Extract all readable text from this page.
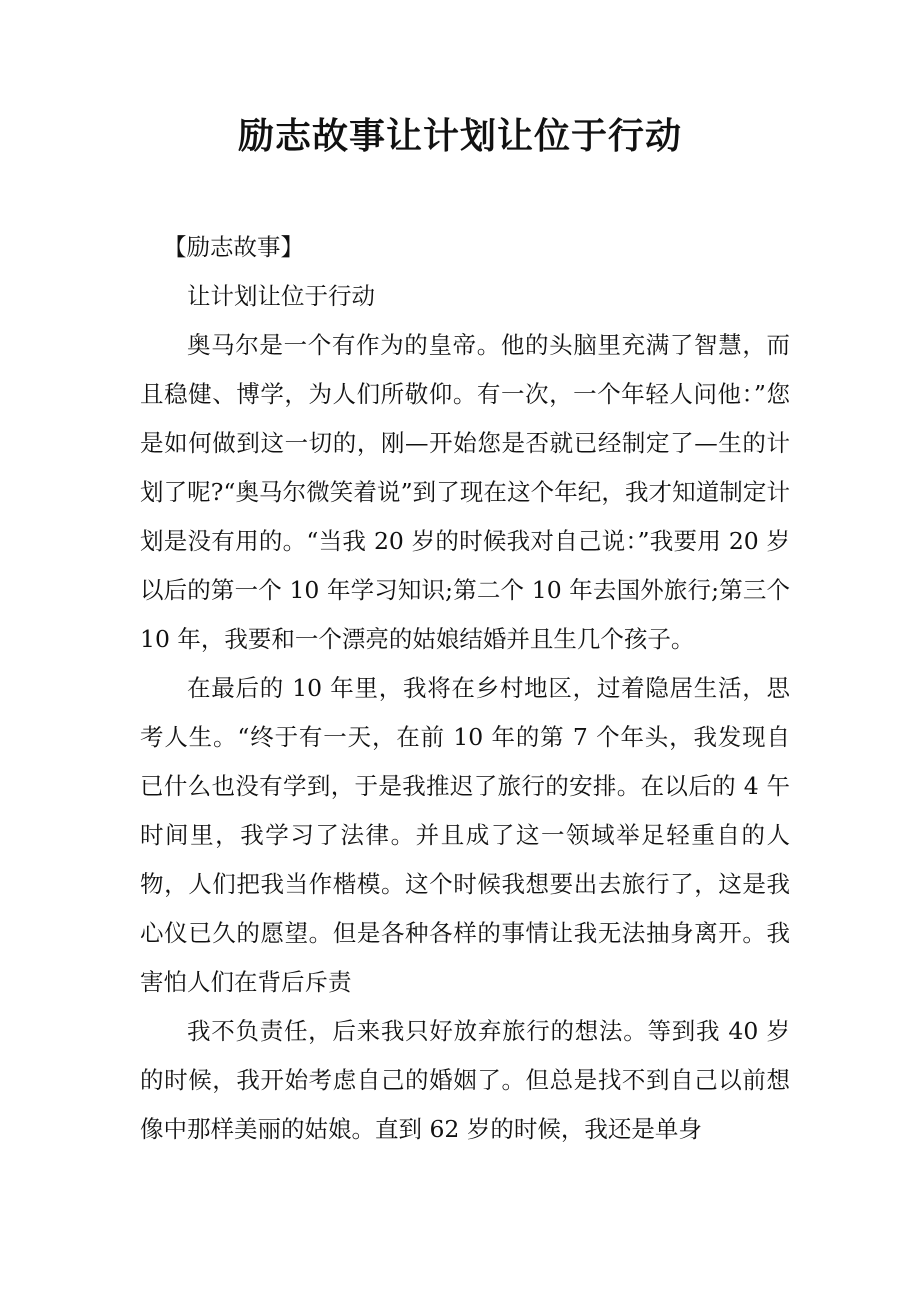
励志故事让计划让位于行动

【励志故事】

让计划让位于行动

奥马尔是一个有作为的皇帝。他的头脑里充满了智慧，而且稳健、博学，为人们所敬仰。有一次，一个年轻人问他：”您是如何做到这一切的，刚—开始您是否就已经制定了—生的计划了呢?“奥马尔微笑着说”到了现在这个年纪，我才知道制定计划是没有用的。“当我 20 岁的时候我对自己说：”我要用 20 岁以后的第一个 10 年学习知识;第二个 10 年去国外旅行;第三个 10 年，我要和一个漂亮的姑娘结婚并且生几个孩子。

在最后的 10 年里，我将在乡村地区，过着隐居生活，思考人生。“终于有一天，在前 10 年的第 7 个年头，我发现自已什么也没有学到，于是我推迟了旅行的安排。在以后的 4 午时间里，我学习了法律。并且成了这一领域举足轻重自的人物，人们把我当作楷模。这个时候我想要出去旅行了，这是我心仪已久的愿望。但是各种各样的事情让我无法抽身离开。我害怕人们在背后斥责

我不负责任，后来我只好放弃旅行的想法。等到我 40 岁的时候，我开始考虑自己的婚姻了。但总是找不到自己以前想像中那样美丽的姑娘。直到 62 岁的时候，我还是单身
